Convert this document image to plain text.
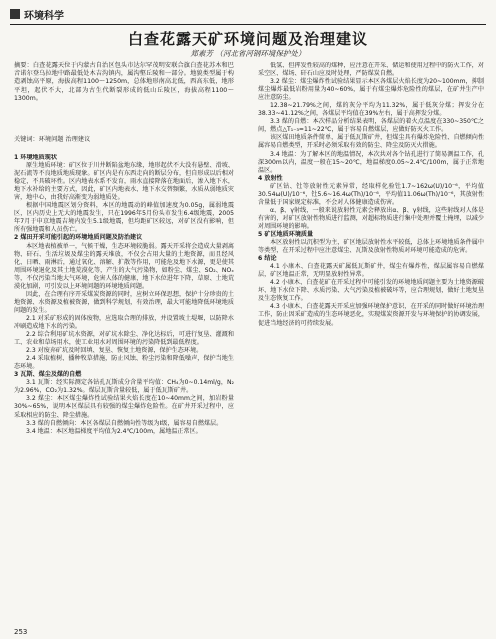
环境科学
白查花露天矿环境问题及治理建议
郑素芳 （河北省河钢环境保护处）
摘要：白查花露天位于内蒙古自治区包头市达尔罕茂明安联合旗白查花苏木和巴音诺尔登乌拉地中路最低处木吉沟镇内，属沟壑丘陵和一部分。地貌类型属于构造剥蚀高平原，海拔高程1100～1250m，总体地形南高北低，西高东低，地形平坦，起伏不大，北部为古生代断裂形成的低山丘陵区，海拔高程1100～1300m。
关键词：环境问题 治理建议

1 环境地质现状

原生地质环境：矿区位于川井断陷盆地东缘，地形起伏不大没有悬壁、滑坡、泥石流等不良地质地质现象。矿区内是有东西走向的断层分布，但自形成以后相对稳定，不具破坏性。区内地表水系不发育，雨水直接降落在地面后，渗入地下水，地下水补给的主要方式，因此，矿区内地表水、地下水交替频繁，水质从弱地质灾害，地中心，由我好高渐变为弱地质处。

根据中国地震区划分资料，本区的地震动的峰值加速度为0.05g，属弱地震区，区内历史上无大的地震发生，只在1996年5月份头市发生6.4级地震，2005年7月于申京地震吉境内发生5.1级地震，但均距矿区较远，对矿区没有影响，但所有强地震和人员伤亡。

2 煤田开采可能引起的环境地质问题及防治建议

本区地表植被单一，气候干燥，生态环境较脆弱。露天开采将会造成大量剥离物、矸石、生活垃圾及煤尘的露天堆放，不仅会占用大量的土地资源，而且经风化、日晒、雨淋后，通过氧化、溶解、扩散等作用，可能危及地下水源，更是使其周围环境退化及其土地荒漠化等，产生的大气污染物，如粉尘、煤尘、SO₂、NOₓ等，不仅污染当地大气环境，危害人体的健康，地下水位进年下降，草原、土地荒漠化加剧，可引发以上环境问题的环境地质问题。

因此，在合理有序开采煤炭资源的同时，应树立环保思想，保护十分珍贵的土地资源、水资源及植被资源，做到科学规划，有效治理，最大可能地降低环境地质问题的发生。

2.1 对采矿形成的固体废物，应选取合理的排放，并设置坡土堤堰，以防降水冲刷造成地下水的污染。

2.2 综合利用矿坑水资源，对矿坑水除尘、净化达标后，可进行复垦、灌溉和工、农业和草场用水，使工业用水对周围环境的污染降低到最低程度。

2.3 对废弃矿坑及时回填、复垦、恢复土地资源，保护生态环境。

2.4 采取植树、播种牧草措施，防止风蚀、粉尘污染和降低噪声，保护当地生态环境。

3 瓦斯、煤尘及煤的自燃

3.1 瓦斯：经实际测定各钻孔瓦斯成分含量平均值：CH₄为0~0.14ml/g，N₂为2.96%，CO₂为1.32%。煤层瓦斯含量较低，属于低瓦斯矿井。

3.2 煤尘：本区煤尘爆炸性试验结果火焰长度在10~40mm之间，加岩粉量30%~65%，说明本区煤层具有较强的煤尘爆炸危险性。在矿井开采过程中，应采取相应的防尘、降尘措施。

3.3 煤的自燃倾向：本区各煤层自燃倾向性等级为Ⅰ级，属容易自燃煤层。

3.4 地温：本区地温梯度平均值为2.4℃/100m，属地温正常区。

低氢、但挥发性较高的煤种，应注意在开采、储运和使用过程中的防火工作，对采空区、煤场、矸石山应及时处理，严防煤炭自燃。

3.2 煤尘：煤尘爆炸性试验结果显示本区各煤层火焰长度为20~100mm，抑制煤尘爆炸最低岩粉用量为40~60%，属于有煤尘爆炸危险性的煤层，在矿井生产中应注意防尘。

12.38~21.79%之间，煤的灰分平均为11.32%，属于低灰分煤；挥发分在38.33~41.12%之间，各煤层平均值在39%左右，属于高挥发分煤。

3.3 煤的自燃：本次样品分析结果表明，各煤层的着火点温度在330~350℃之间，燃点△T₁₋₃=11~22℃，属于容易自燃煤层，应做好防灭火工作。

该区煤田地质条件简单，属于低瓦斯矿井，但煤尘具有爆炸危险性、自燃倾向性属容易自燃类型，开采时必须采取有效的防尘、降尘及防灭火措施。

3.4 地温：为了解本区的地温情况，本次共对各个钻孔进行了简易测温工作，孔深300m以内，温度一般在15~20℃，地温梯度0.05~2.4℃/100m，属于正常地温区。

4 放射性

矿区钻、钍等放射性元素异常，经取样化验钍1.7~162ω(U)/10⁻⁶，平均值30.54ω(U)/10⁻⁶，钍5.6~16.4ω(Th)/10⁻⁶，平均值11.06ω(Th)/10⁻⁶，其放射性含量低于国家规定标准，不会对人体健康造成伤害。

α、β、γ射线，一般来说放射性元素会释放出α、β、γ射线，这些射线对人体是有害的，对矿区放射性物质进行监测，对超标物质进行集中处理并覆土掩埋，以减少对周围环境的影响。

5 矿区地质环境质量

本区放射性以沉积型为主，矿区地层放射性水平较低，总体上环境地质条件属中等类型，在开采过程中应注意煤尘、瓦斯及放射性物质对环境可能造成的危害。

6 结论

4.1 小康木、白查花露天矿属低瓦斯矿井，煤尘有爆炸性，煤层属容易自燃煤层，矿区地温正常，无明显放射性异常。

4.2 小康木、白查花矿在开采过程中可能引发的环境地质问题主要为土地资源破坏、地下水位下降、水质污染、大气污染及植被破坏等，应合理规划，做好土地复垦及生态恢复工作。

4.3 小康木、白查花露天开采应加强环境保护意识，在开采的同时做好环境治理工作，防止因采矿造成的生态环境恶化，实现煤炭资源开发与环境保护的协调发展，促进当地经济的可持续发展。

253
